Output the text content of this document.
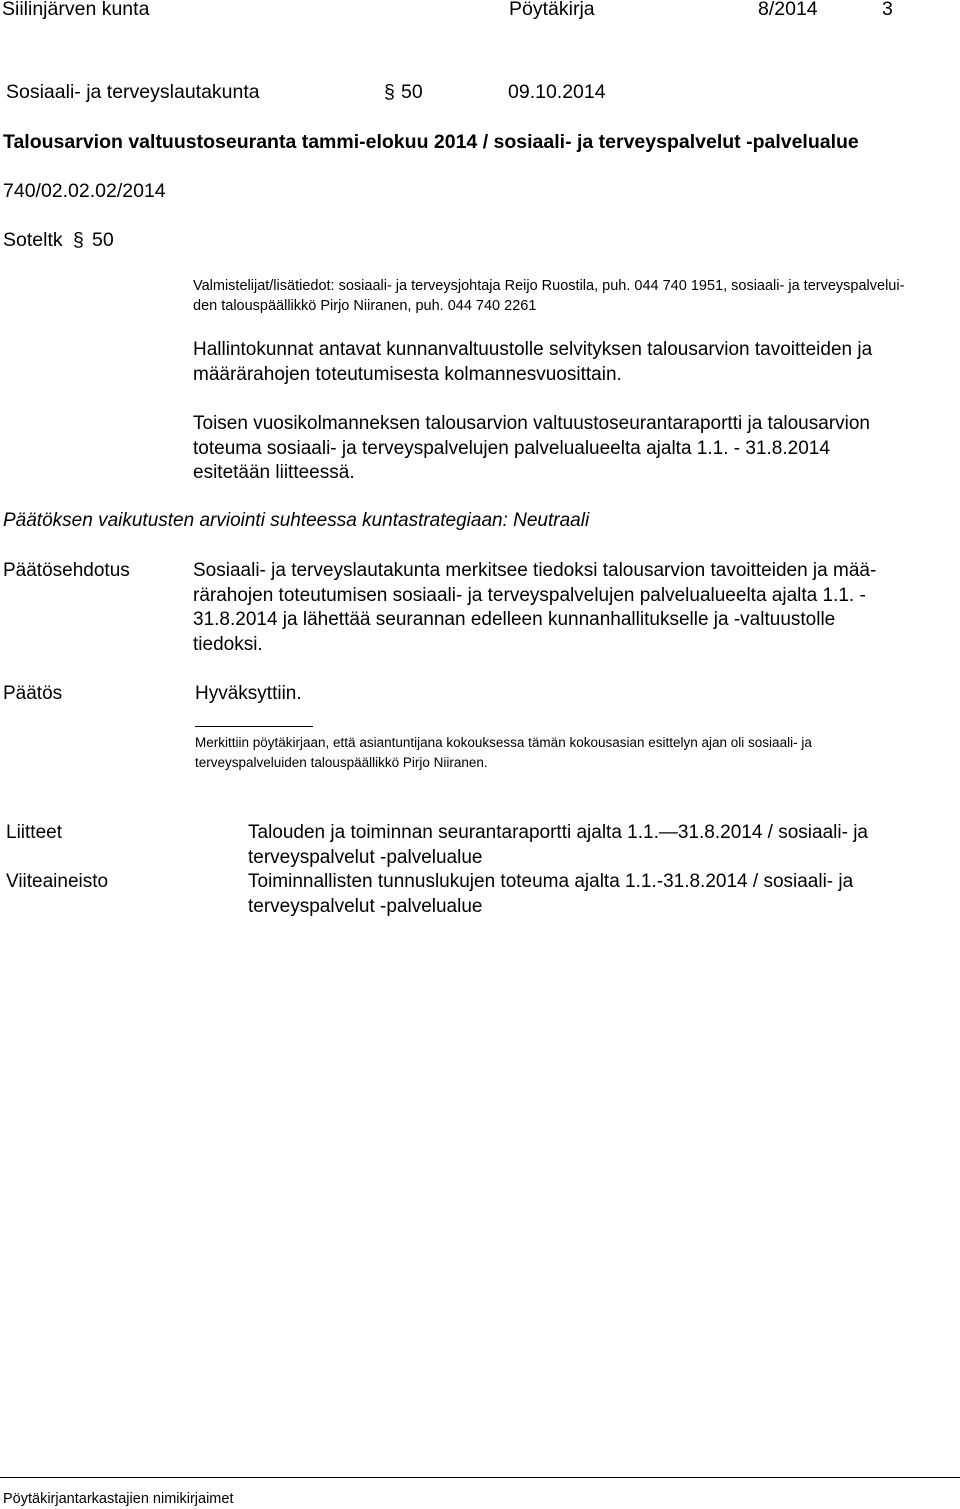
Siilinjärven kunta	Pöytäkirja	8/2014	3
Sosiaali- ja terveyslautakunta	§ 50	09.10.2014
Talousarvion valtuustoseuranta tammi-elokuu 2014 / sosiaali- ja terveyspalvelut -palvelualue
740/02.02.02/2014
Soteltk § 50
Valmistelijat/lisätiedot: sosiaali- ja terveysjohtaja Reijo Ruostila, puh. 044 740 1951, sosiaali- ja terveyspalvelui-
den talouspäällikkö Pirjo Niiranen, puh. 044 740 2261
Hallintokunnat antavat kunnanvaltuustolle selvityksen talousarvion tavoitteiden ja
määrärahojen toteutumisesta kolmannesvuosittain.
Toisen vuosikolmanneksen talousarvion valtuustoseurantaraportti ja talousarvion
toteuma sosiaali- ja terveyspalvelujen palvelualueelta ajalta 1.1. - 31.8.2014
esitetään liitteessä.
Päätöksen vaikutusten arviointi suhteessa kuntastrategiaan: Neutraali
Päätösehdotus	Sosiaali- ja terveyslautakunta merkitsee tiedoksi talousarvion tavoitteiden ja mää-
rärahojen toteutumisen sosiaali- ja terveyspalvelujen palvelualueelta ajalta 1.1. -
31.8.2014 ja lähettää seurannan edelleen kunnanhallitukselle ja -valtuustolle
tiedoksi.
Päätös	Hyväksyttiin.
Merkittiin pöytäkirjaan, että asiantuntijana kokouksessa tämän kokousasian esittelyn ajan oli sosiaali- ja
terveyspalveluiden talouspäällikkö Pirjo Niiranen.
Liitteet	Talouden ja toiminnan seurantaraportti ajalta 1.1.—31.8.2014 / sosiaali- ja
terveyspalvelut -palvelualue
Viiteaineisto	Toiminnallisten tunnuslukujen toteuma ajalta 1.1.-31.8.2014 / sosiaali- ja
terveyspalvelut -palvelualue
Pöytäkirjantarkastajien nimikirjaimet
